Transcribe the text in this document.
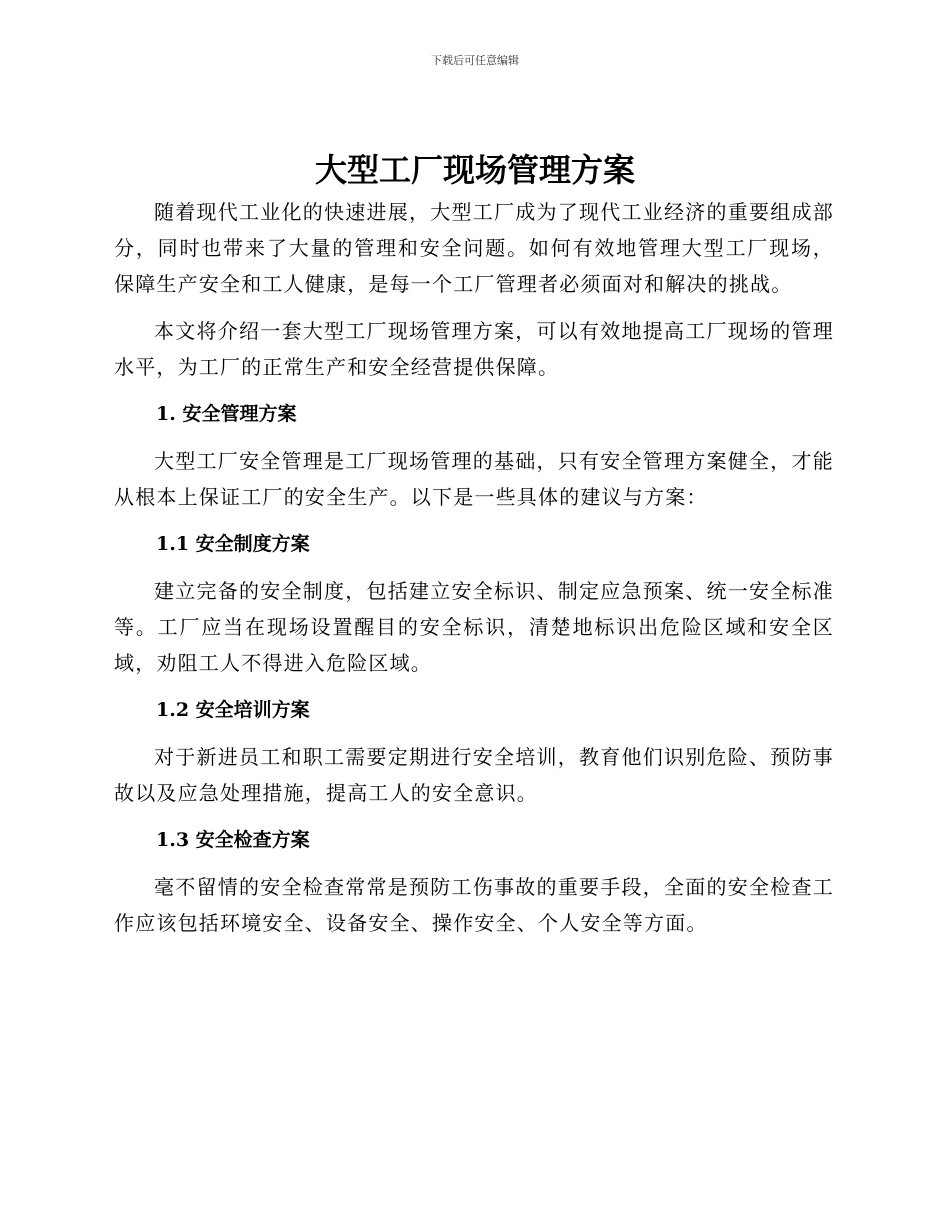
下载后可任意编辑
大型工厂现场管理方案

随着现代工业化的快速进展，大型工厂成为了现代工业经济的重要组成部分，同时也带来了大量的管理和安全问题。如何有效地管理大型工厂现场，保障生产安全和工人健康，是每一个工厂管理者必须面对和解决的挑战。

本文将介绍一套大型工厂现场管理方案，可以有效地提高工厂现场的管理水平，为工厂的正常生产和安全经营提供保障。

1. 安全管理方案

大型工厂安全管理是工厂现场管理的基础，只有安全管理方案健全，才能从根本上保证工厂的安全生产。以下是一些具体的建议与方案：

1.1 安全制度方案

建立完备的安全制度，包括建立安全标识、制定应急预案、统一安全标准等。工厂应当在现场设置醒目的安全标识，清楚地标识出危险区域和安全区域，劝阻工人不得进入危险区域。

1.2 安全培训方案

对于新进员工和职工需要定期进行安全培训，教育他们识别危险、预防事故以及应急处理措施，提高工人的安全意识。

1.3 安全检查方案

毫不留情的安全检查常常是预防工伤事故的重要手段，全面的安全检查工作应该包括环境安全、设备安全、操作安全、个人安全等方面。
